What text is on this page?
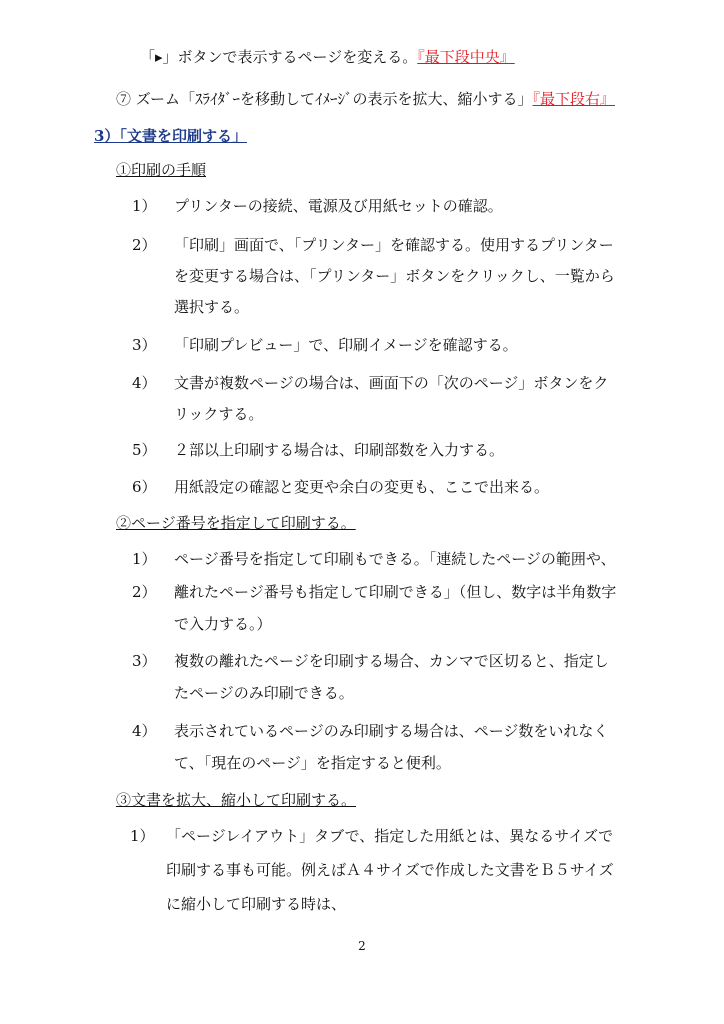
「▸」ボタンで表示するページを変える。『最下段中央』
⑦ ズーム「ｽﾗｲﾀﾞｰを移動してｲﾒｰｼﾞの表示を拡大、縮小する」『最下段右』
3）「文書を印刷する」
①印刷の手順
1） プリンターの接続、電源及び用紙セットの確認。
2） 「印刷」画面で、「プリンター」を確認する。使用するプリンター
を変更する場合は、「プリンター」ボタンをクリックし、一覧から
選択する。
3） 「印刷プレビュー」で、印刷イメージを確認する。
4） 文書が複数ページの場合は、画面下の「次のページ」ボタンをク
リックする。
5） ２部以上印刷する場合は、印刷部数を入力する。
6） 用紙設定の確認と変更や余白の変更も、ここで出来る。
②ページ番号を指定して印刷する。
1） ページ番号を指定して印刷もできる。「連続したページの範囲や、
2） 離れたページ番号も指定して印刷できる」（但し、数字は半角数字
で入力する。）
3） 複数の離れたページを印刷する場合、カンマで区切ると、指定し
たページのみ印刷できる。
4） 表示されているページのみ印刷する場合は、ページ数をいれなく
て、「現在のページ」を指定すると便利。
③文書を拡大、縮小して印刷する。
1） 「ページレイアウト」タブで、指定した用紙とは、異なるサイズで
印刷する事も可能。例えばＡ４サイズで作成した文書をＢ５サイズ
に縮小して印刷する時は、
2
